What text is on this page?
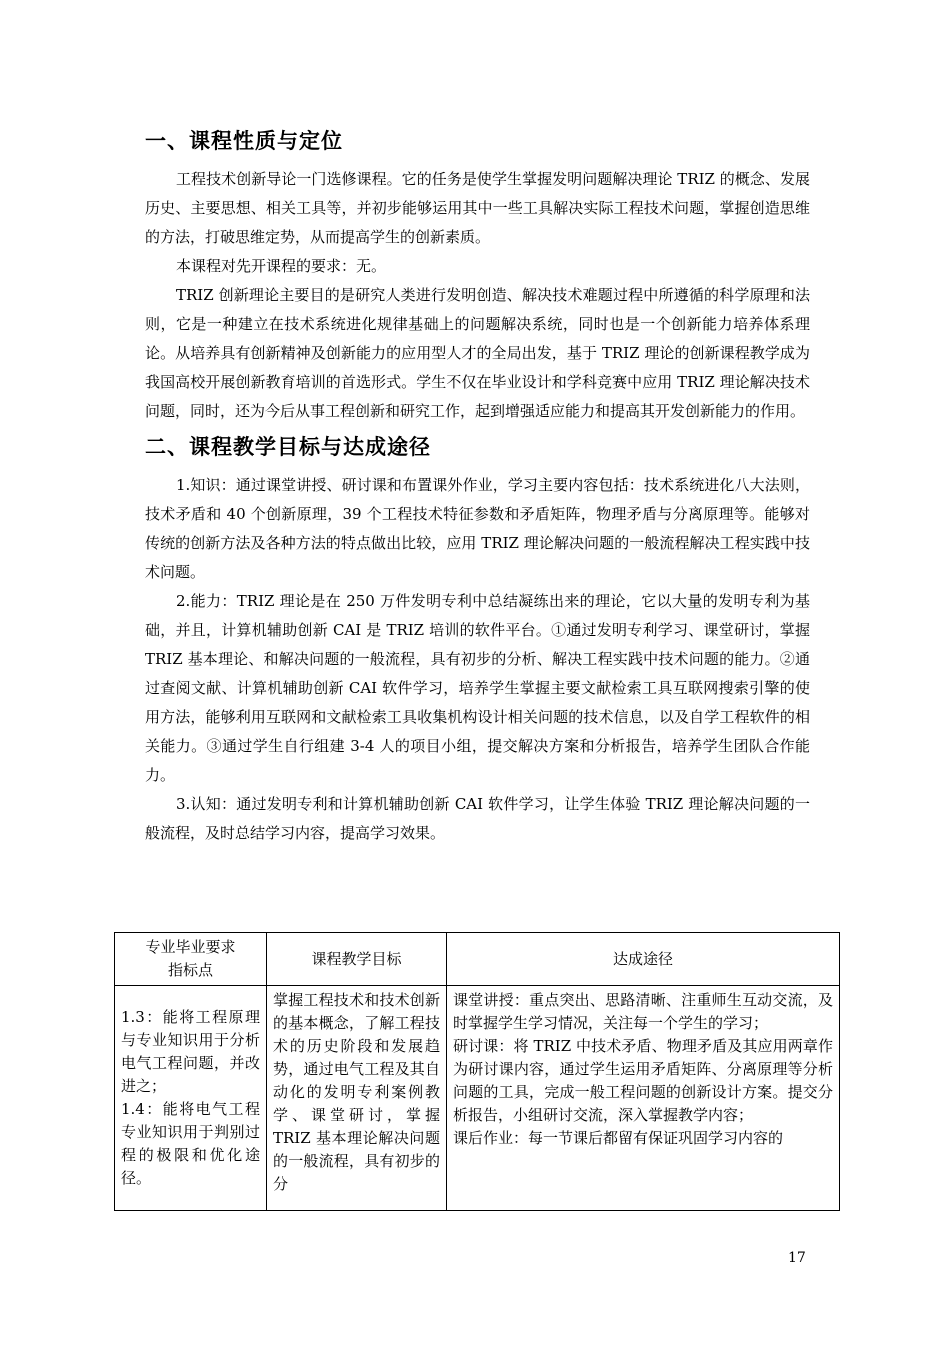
一、课程性质与定位

工程技术创新导论一门选修课程。它的任务是使学生掌握发明问题解决理论 TRIZ 的概念、发展历史、主要思想、相关工具等，并初步能够运用其中一些工具解决实际工程技术问题，掌握创造思维的方法，打破思维定势，从而提高学生的创新素质。

本课程对先开课程的要求：无。

TRIZ 创新理论主要目的是研究人类进行发明创造、解决技术难题过程中所遵循的科学原理和法则，它是一种建立在技术系统进化规律基础上的问题解决系统，同时也是一个创新能力培养体系理论。从培养具有创新精神及创新能力的应用型人才的全局出发，基于 TRIZ 理论的创新课程教学成为我国高校开展创新教育培训的首选形式。学生不仅在毕业设计和学科竞赛中应用 TRIZ 理论解决技术问题，同时，还为今后从事工程创新和研究工作，起到增强适应能力和提高其开发创新能力的作用。

二、课程教学目标与达成途径

1.知识：通过课堂讲授、研讨课和布置课外作业，学习主要内容包括：技术系统进化八大法则，技术矛盾和 40 个创新原理，39 个工程技术特征参数和矛盾矩阵，物理矛盾与分离原理等。能够对传统的创新方法及各种方法的特点做出比较，应用 TRIZ 理论解决问题的一般流程解决工程实践中技术问题。

2.能力：TRIZ 理论是在 250 万件发明专利中总结凝练出来的理论，它以大量的发明专利为基础，并且，计算机辅助创新 CAI 是 TRIZ 培训的软件平台。①通过发明专利学习、课堂研讨，掌握 TRIZ 基本理论、和解决问题的一般流程，具有初步的分析、解决工程实践中技术问题的能力。②通过查阅文献、计算机辅助创新 CAI 软件学习，培养学生掌握主要文献检索工具互联网搜索引擎的使用方法，能够利用互联网和文献检索工具收集机构设计相关问题的技术信息，以及自学工程软件的相关能力。③通过学生自行组建 3-4 人的项目小组，提交解决方案和分析报告，培养学生团队合作能力。

3.认知：通过发明专利和计算机辅助创新 CAI 软件学习，让学生体验 TRIZ 理论解决问题的一般流程，及时总结学习内容，提高学习效果。

专业毕业要求
指标点	课程教学目标	达成途径

1.3：能将工程原理与专业知识用于分析电气工程问题，并改进之；
1.4：能将电气工程专业知识用于判别过程的极限和优化途径。	掌握工程技术和技术创新的基本概念，了解工程技术的历史阶段和发展趋势，通过电气工程及其自动化的发明专利案例教学、课堂研讨，掌握 TRIZ 基本理论解决问题的一般流程，具有初步的分	课堂讲授：重点突出、思路清晰、注重师生互动交流，及时掌握学生学习情况，关注每一个学生的学习；
研讨课：将 TRIZ 中技术矛盾、物理矛盾及其应用两章作为研讨课内容，通过学生运用矛盾矩阵、分离原理等分析问题的工具，完成一般工程问题的创新设计方案。提交分析报告，小组研讨交流，深入掌握教学内容；
课后作业：每一节课后都留有保证巩固学习内容的
17
